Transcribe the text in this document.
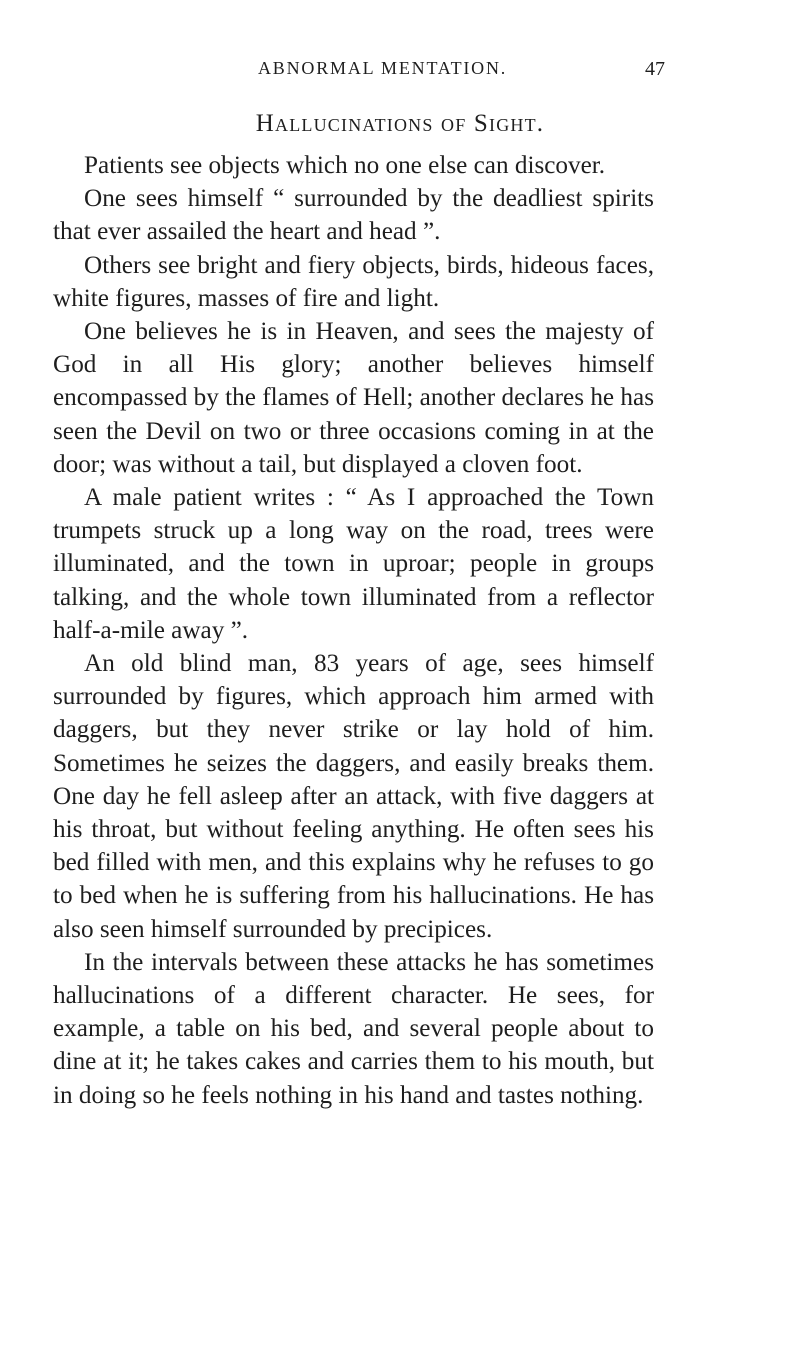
ABNORMAL MENTATION.	47
Hallucinations of Sight.

Patients see objects which no one else can discover.

One sees himself “ surrounded by the deadliest spirits that ever assailed the heart and head ”.

Others see bright and fiery objects, birds, hideous faces, white figures, masses of fire and light.

One believes he is in Heaven, and sees the majesty of God in all His glory; another believes himself encompassed by the flames of Hell; another declares he has seen the Devil on two or three occasions coming in at the door; was without a tail, but displayed a cloven foot.

A male patient writes : “ As I approached the Town trumpets struck up a long way on the road, trees were illuminated, and the town in uproar; people in groups talking, and the whole town illuminated from a reflector half-a-mile away ”.

An old blind man, 83 years of age, sees himself surrounded by figures, which approach him armed with daggers, but they never strike or lay hold of him. Sometimes he seizes the daggers, and easily breaks them. One day he fell asleep after an attack, with five daggers at his throat, but without feeling anything. He often sees his bed filled with men, and this explains why he refuses to go to bed when he is suffering from his hallucinations. He has also seen himself surrounded by precipices.

In the intervals between these attacks he has sometimes hallucinations of a different character. He sees, for example, a table on his bed, and several people about to dine at it; he takes cakes and carries them to his mouth, but in doing so he feels nothing in his hand and tastes nothing.
